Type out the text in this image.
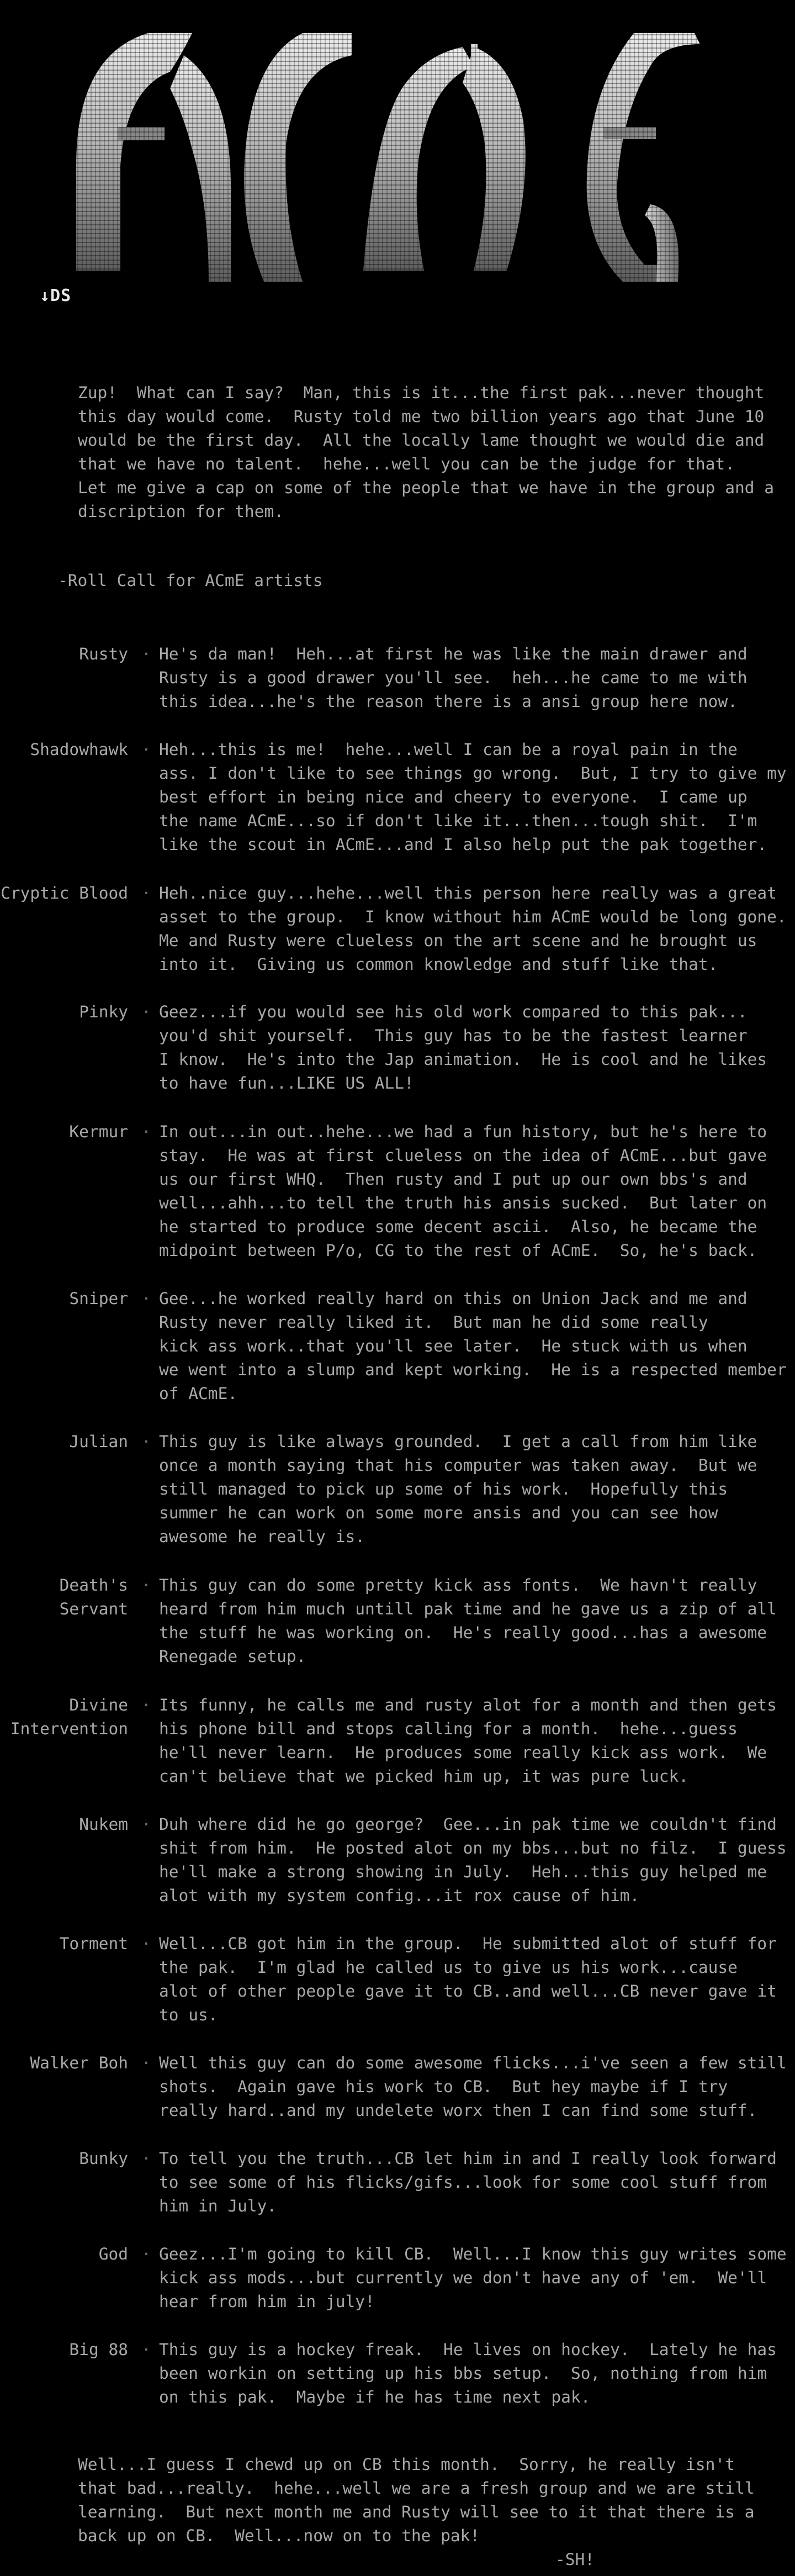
↓DS
Zup!  What can I say?  Man, this is it...the first pak...never thought
this day would come.  Rusty told me two billion years ago that June 10
would be the first day.  All the locally lame thought we would die and
that we have no talent.  hehe...well you can be the judge for that.
Let me give a cap on some of the people that we have in the group and a
discription for them.
-Roll Call for ACmE artists
Rusty · He's da man!  Heh...at first he was like the main drawer and
Rusty is a good drawer you'll see.  heh...he came to me with
this idea...he's the reason there is a ansi group here now.
Shadowhawk · Heh...this is me!  hehe...well I can be a royal pain in the
ass. I don't like to see things go wrong.  But, I try to give my
best effort in being nice and cheery to everyone.  I came up
the name ACmE...so if don't like it...then...tough shit.  I'm
like the scout in ACmE...and I also help put the pak together.
Cryptic Blood · Heh..nice guy...hehe...well this person here really was a great
asset to the group.  I know without him ACmE would be long gone.
Me and Rusty were clueless on the art scene and he brought us
into it.  Giving us common knowledge and stuff like that.
Pinky · Geez...if you would see his old work compared to this pak...
you'd shit yourself.  This guy has to be the fastest learner
I know.  He's into the Jap animation.  He is cool and he likes
to have fun...LIKE US ALL!
Kermur · In out...in out..hehe...we had a fun history, but he's here to
stay.  He was at first clueless on the idea of ACmE...but gave
us our first WHQ.  Then rusty and I put up our own bbs's and
well...ahh...to tell the truth his ansis sucked.  But later on
he started to produce some decent ascii.  Also, he became the
midpoint between P/o, CG to the rest of ACmE.  So, he's back.
Sniper · Gee...he worked really hard on this on Union Jack and me and
Rusty never really liked it.  But man he did some really
kick ass work..that you'll see later.  He stuck with us when
we went into a slump and kept working.  He is a respected member
of ACmE.
Julian · This guy is like always grounded.  I get a call from him like
once a month saying that his computer was taken away.  But we
still managed to pick up some of his work.  Hopefully this
summer he can work on some more ansis and you can see how
awesome he really is.
Death's
Servant
· This guy can do some pretty kick ass fonts.  We havn't really
heard from him much untill pak time and he gave us a zip of all
the stuff he was working on.  He's really good...has a awesome
Renegade setup.
Divine
Intervention
· Its funny, he calls me and rusty alot for a month and then gets
his phone bill and stops calling for a month.  hehe...guess
he'll never learn.  He produces some really kick ass work.  We
can't believe that we picked him up, it was pure luck.
Nukem · Duh where did he go george?  Gee...in pak time we couldn't find
shit from him.  He posted alot on my bbs...but no filz.  I guess
he'll make a strong showing in July.  Heh...this guy helped me
alot with my system config...it rox cause of him.
Torment · Well...CB got him in the group.  He submitted alot of stuff for
the pak.  I'm glad he called us to give us his work...cause
alot of other people gave it to CB..and well...CB never gave it
to us.
Walker Boh · Well this guy can do some awesome flicks...i've seen a few still
shots.  Again gave his work to CB.  But hey maybe if I try
really hard..and my undelete worx then I can find some stuff.
Bunky · To tell you the truth...CB let him in and I really look forward
to see some of his flicks/gifs...look for some cool stuff from
him in July.
God · Geez...I'm going to kill CB.  Well...I know this guy writes some
kick ass mods...but currently we don't have any of 'em.  We'll
hear from him in july!
Big 88 · This guy is a hockey freak.  He lives on hockey.  Lately he has
been workin on setting up his bbs setup.  So, nothing from him
on this pak.  Maybe if he has time next pak.
Well...I guess I chewd up on CB this month.  Sorry, he really isn't
that bad...really.  hehe...well we are a fresh group and we are still
learning.  But next month me and Rusty will see to it that there is a
back up on CB.  Well...now on to the pak!
-SH!
